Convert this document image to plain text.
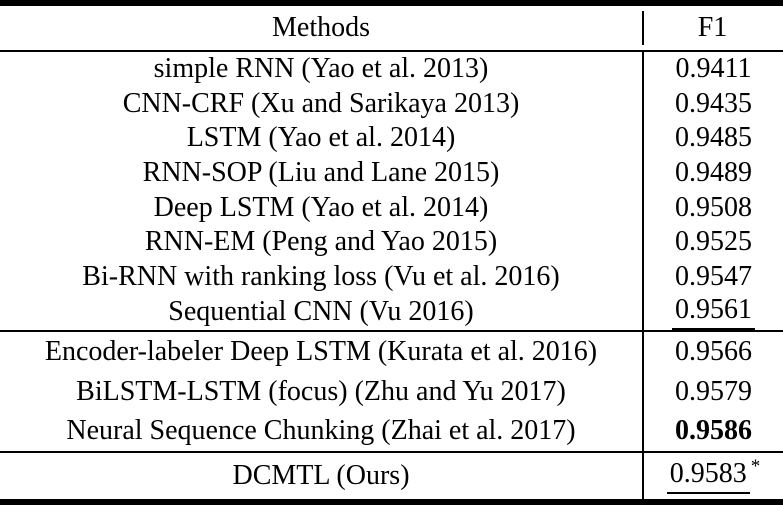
Methods	F1
simple RNN (Yao et al. 2013)	0.9411
CNN-CRF (Xu and Sarikaya 2013)	0.9435
LSTM (Yao et al. 2014)	0.9485
RNN-SOP (Liu and Lane 2015)	0.9489
Deep LSTM (Yao et al. 2014)	0.9508
RNN-EM (Peng and Yao 2015)	0.9525
Bi-RNN with ranking loss (Vu et al. 2016)	0.9547
Sequential CNN (Vu 2016)	0.9561
Encoder-labeler Deep LSTM (Kurata et al. 2016)	0.9566
BiLSTM-LSTM (focus) (Zhu and Yu 2017)	0.9579
Neural Sequence Chunking (Zhai et al. 2017)	0.9586
DCMTL (Ours)	0.9583*
